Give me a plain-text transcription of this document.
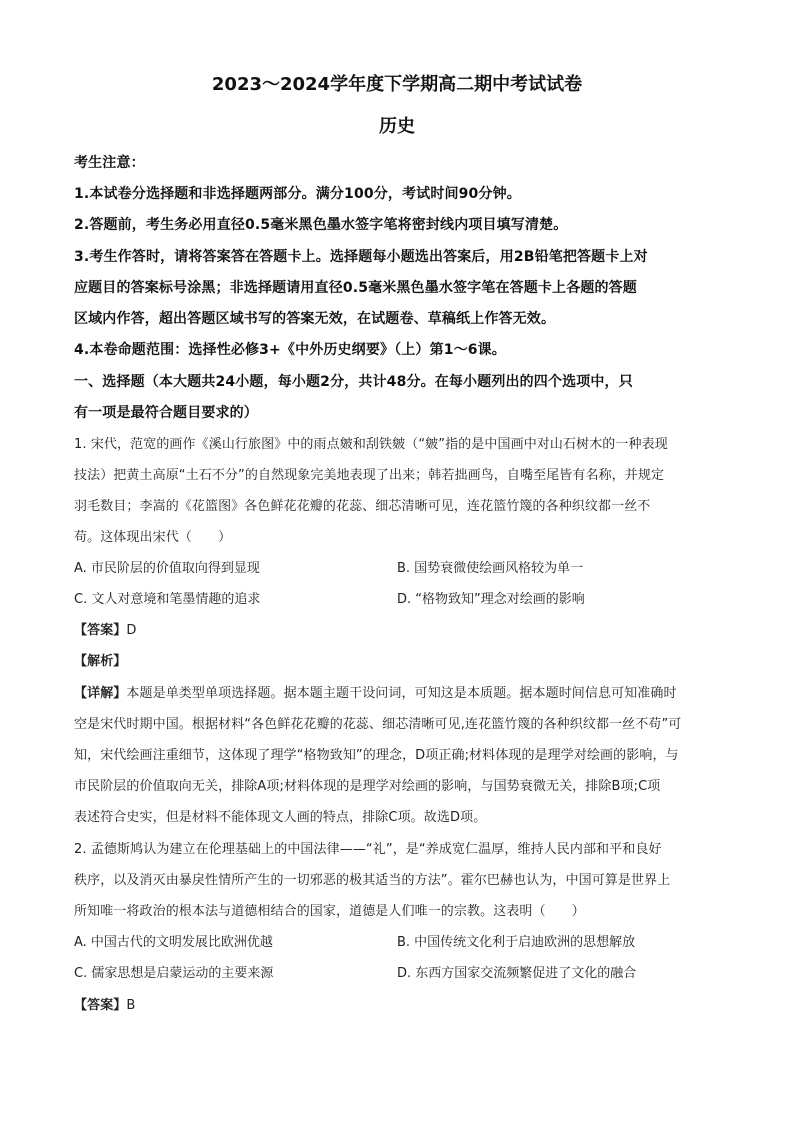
2023～2024学年度下学期高二期中考试试卷
历史
考生注意：
1.本试卷分选择题和非选择题两部分。满分100分，考试时间90分钟。
2.答题前，考生务必用直径0.5毫米黑色墨水签字笔将密封线内项目填写清楚。
3.考生作答时，请将答案答在答题卡上。选择题每小题选出答案后，用2B铅笔把答题卡上对
应题目的答案标号涂黑；非选择题请用直径0.5毫米黑色墨水签字笔在答题卡上各题的答题
区域内作答，超出答题区域书写的答案无效，在试题卷、草稿纸上作答无效。
4.本卷命题范围：选择性必修3+《中外历史纲要》（上）第1～6课。
一、选择题（本大题共24小题，每小题2分，共计48分。在每小题列出的四个选项中，只
有一项是最符合题目要求的）
1. 宋代，范宽的画作《溪山行旅图》中的雨点皴和刮铁皴（“皴”指的是中国画中对山石树木的一种表现
技法）把黄土高原“土石不分”的自然现象完美地表现了出来；韩若拙画鸟，自嘴至尾皆有名称，并规定
羽毛数目；李嵩的《花篮图》各色鲜花花瓣的花蕊、细芯清晰可见，连花篮竹篾的各种织纹都一丝不
苟。这体现出宋代（　　）
A. 市民阶层的价值取向得到显现	B. 国势衰微使绘画风格较为单一
C. 文人对意境和笔墨情趣的追求	D. “格物致知”理念对绘画的影响
【答案】D
【解析】
【详解】本题是单类型单项选择题。据本题主题干设问词，可知这是本质题。据本题时间信息可知准确时
空是宋代时期中国。根据材料“各色鲜花花瓣的花蕊、细芯清晰可见,连花篮竹篾的各种织纹都一丝不苟”可
知，宋代绘画注重细节，这体现了理学“格物致知”的理念，D项正确;材料体现的是理学对绘画的影响，与
市民阶层的价值取向无关，排除A项;材料体现的是理学对绘画的影响，与国势衰微无关，排除B项;C项
表述符合史实，但是材料不能体现文人画的特点，排除C项。故选D项。
2. 孟德斯鸠认为建立在伦理基础上的中国法律——“礼”，是“养成宽仁温厚，维持人民内部和平和良好
秩序，以及消灭由暴戾性情所产生的一切邪恶的极其适当的方法”。霍尔巴赫也认为，中国可算是世界上
所知唯一将政治的根本法与道德相结合的国家，道德是人们唯一的宗教。这表明（　　）
A. 中国古代的文明发展比欧洲优越	B. 中国传统文化利于启迪欧洲的思想解放
C. 儒家思想是启蒙运动的主要来源	D. 东西方国家交流频繁促进了文化的融合
【答案】B
